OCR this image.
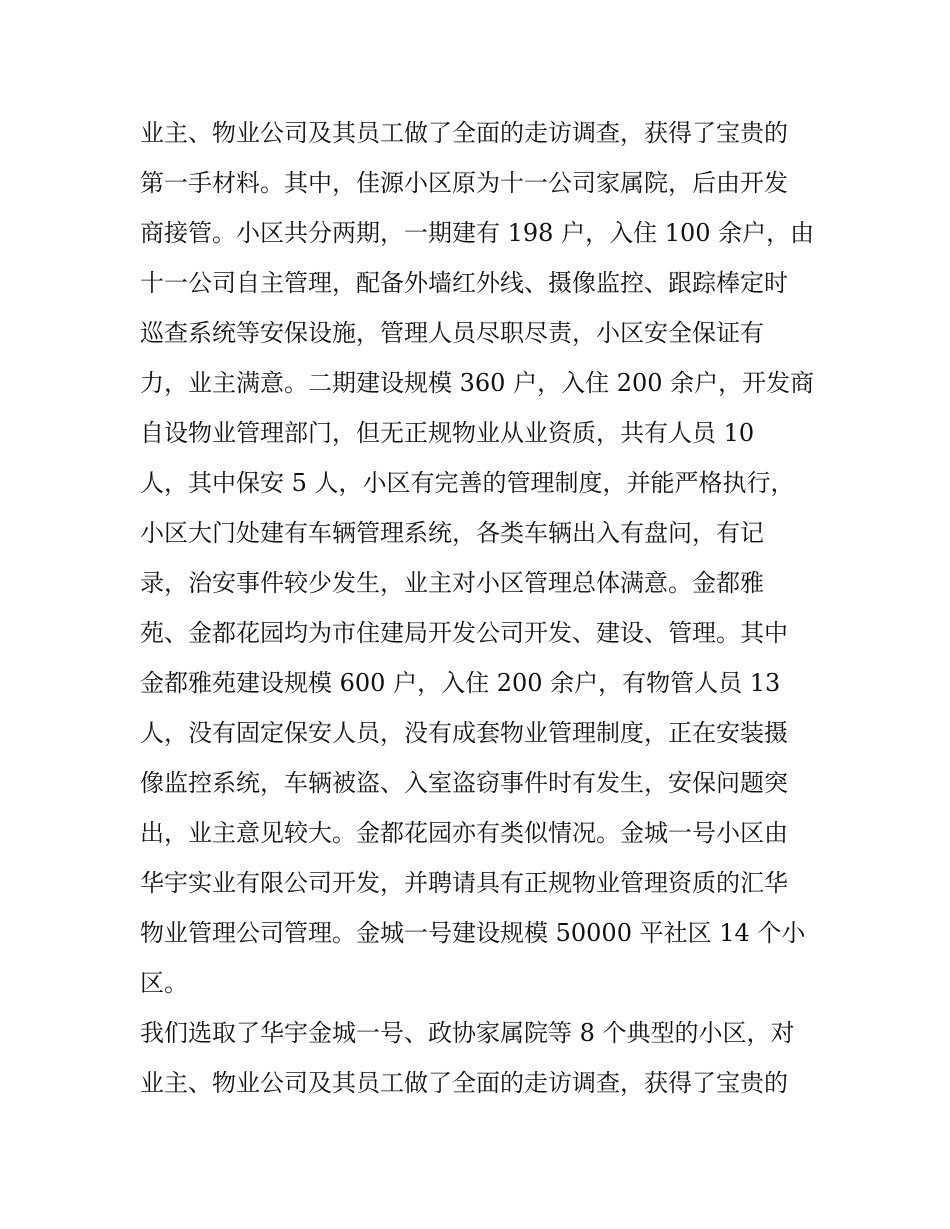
业主、物业公司及其员工做了全面的走访调查，获得了宝贵的
第一手材料。其中，佳源小区原为十一公司家属院，后由开发
商接管。小区共分两期，一期建有 198 户，入住 100 余户，由
十一公司自主管理，配备外墙红外线、摄像监控、跟踪棒定时
巡查系统等安保设施，管理人员尽职尽责，小区安全保证有
力，业主满意。二期建设规模 360 户，入住 200 余户，开发商
自设物业管理部门，但无正规物业从业资质，共有人员 10
人，其中保安 5 人，小区有完善的管理制度，并能严格执行，
小区大门处建有车辆管理系统，各类车辆出入有盘问，有记
录，治安事件较少发生，业主对小区管理总体满意。金都雅
苑、金都花园均为市住建局开发公司开发、建设、管理。其中
金都雅苑建设规模 600 户，入住 200 余户，有物管人员 13
人，没有固定保安人员，没有成套物业管理制度，正在安装摄
像监控系统，车辆被盗、入室盗窃事件时有发生，安保问题突
出，业主意见较大。金都花园亦有类似情况。金城一号小区由
华宇实业有限公司开发，并聘请具有正规物业管理资质的汇华
物业管理公司管理。金城一号建设规模 50000 平社区 14 个小
区。
我们选取了华宇金城一号、政协家属院等 8 个典型的小区，对
业主、物业公司及其员工做了全面的走访调查，获得了宝贵的
